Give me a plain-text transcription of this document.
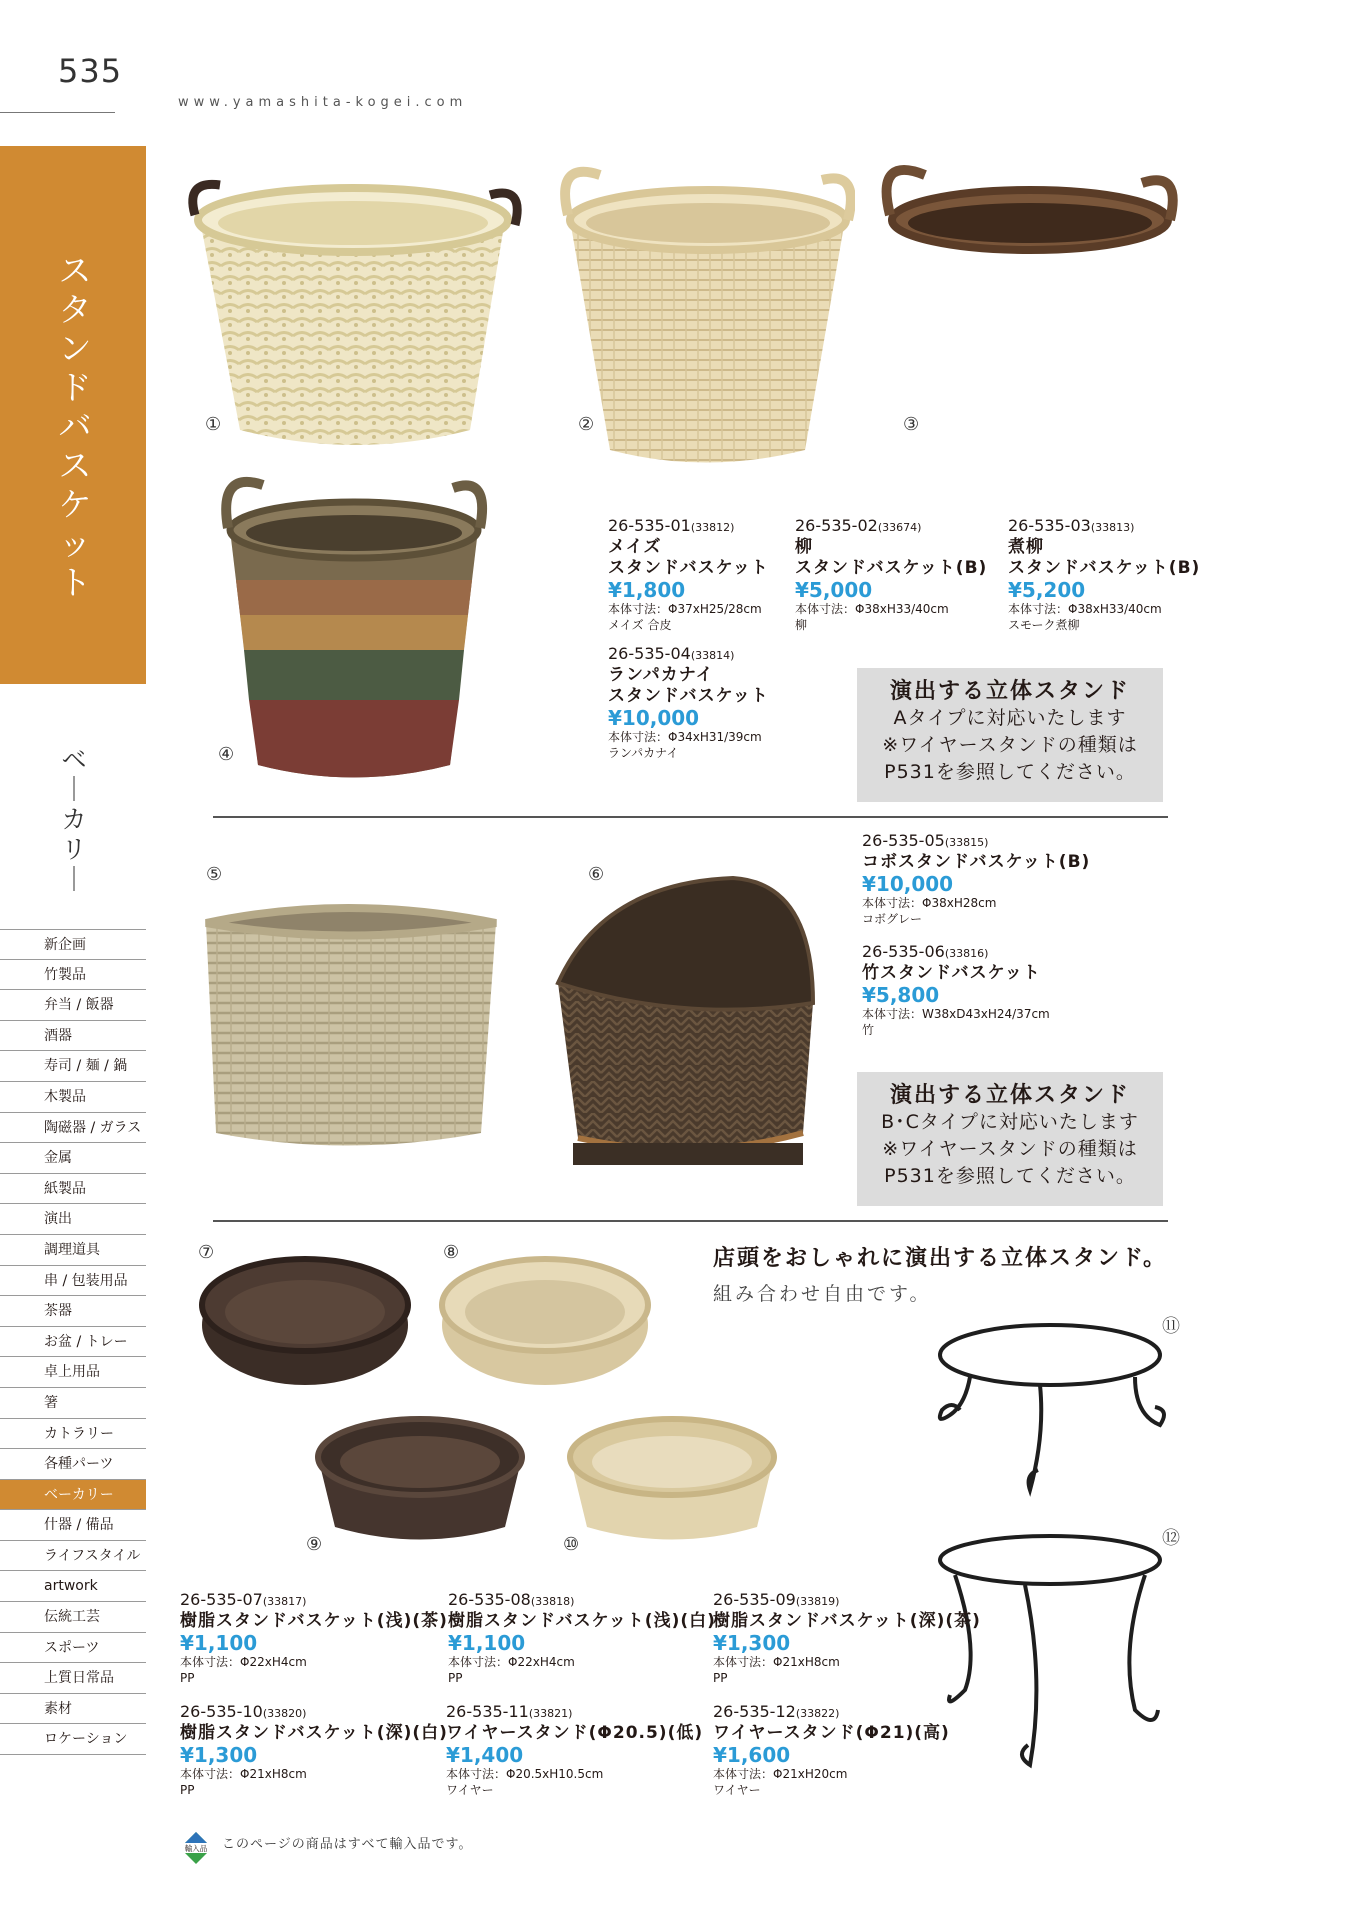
535
www.yamashita-kogei.com
ス
タ
ン
ド
バ
ス
ケ
ッ
ト
ベ
｜
カ
リ
｜
新企画
竹製品
弁当 / 飯器
酒器
寿司 / 麺 / 鍋
木製品
陶磁器 / ガラス
金属
紙製品
演出
調理道具
串 / 包装用品
茶器
お盆 / トレー
卓上用品
箸
カトラリー
各種パーツ
ベーカリー
什器 / 備品
ライフスタイル
artwork
伝統工芸
スポーツ
上質日常品
素材
ロケーション
①	②	③
④
26-535-01(33812)
メイズ
スタンドバスケット
¥1,800
本体寸法：Φ37xH25/28cm
メイズ 合皮
26-535-02(33674)
柳
スタンドバスケット(B)
¥5,000
本体寸法：Φ38xH33/40cm
柳
26-535-03(33813)
煮柳
スタンドバスケット(B)
¥5,200
本体寸法：Φ38xH33/40cm
スモーク煮柳
26-535-04(33814)
ランパカナイ
スタンドバスケット
¥10,000
本体寸法：Φ34xH31/39cm
ランパカナイ
演出する立体スタンド
Aタイプに対応いたします
※ワイヤースタンドの種類は
P531を参照してください。
⑤	⑥
26-535-05(33815)
コボスタンドバスケット(B)
¥10,000
本体寸法：Φ38xH28cm
コボグレー
26-535-06(33816)
竹スタンドバスケット
¥5,800
本体寸法：W38xD43xH24/37cm
竹
演出する立体スタンド
B･Cタイプに対応いたします
※ワイヤースタンドの種類は
P531を参照してください。
店頭をおしゃれに演出する立体スタンド。
組み合わせ自由です。
⑦	⑧
⑨	⑩
⑪
⑫
26-535-07(33817)
樹脂スタンドバスケット(浅)(茶)
¥1,100
本体寸法：Φ22xH4cm
PP
26-535-08(33818)
樹脂スタンドバスケット(浅)(白)
¥1,100
本体寸法：Φ22xH4cm
PP
26-535-09(33819)
樹脂スタンドバスケット(深)(茶)
¥1,300
本体寸法：Φ21xH8cm
PP
26-535-10(33820)
樹脂スタンドバスケット(深)(白)
¥1,300
本体寸法：Φ21xH8cm
PP
26-535-11(33821)
ワイヤースタンド(Φ20.5)(低)
¥1,400
本体寸法：Φ20.5xH10.5cm
ワイヤー
26-535-12(33822)
ワイヤースタンド(Φ21)(高)
¥1,600
本体寸法：Φ21xH20cm
ワイヤー
輸入品 このページの商品はすべて輸入品です。
